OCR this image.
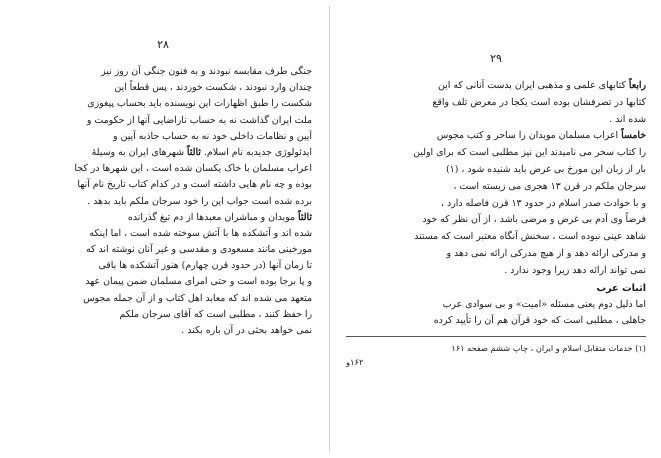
۲۸
جنگی طرف مقابسه نبودند و به فنون جنگی آن روز نیز
چندان وارد نبودند ، شکست خوردند ، پس قطعاً این
شکست را طبق اظهارات این نویسنده باید بحساب پیغوزی
ملت ایران گذاشت نه به حساب ناراضایی آنها از حکومت و
آیین و نظامات داخلی خود نه به حساب جاذبه آیین و
ایدئولوژی جدیدبه نام اسلام. ثالثاً شهرهای ایران به وسیلهٔ
اعراب مسلمان با خاک یکسان شده است ، این شهرها در کجا
بوده و چه نام هایی داشته است و در کدام کتاب تاریخ نام آنها
برده شده است جواب این را خود سرجان ملکم باید بدهد .
ثالثاً موبدان و مباشران معبدها از دم تیغ گذرانده
شده اند و آتشکده ها با آتش سوخته شده است ، اما اینکه
مورخینی مانند مسعودی و مقدسی و غیر آنان نوشته اند که
تا زمان آنها (در حدود قرن چهارم) هنوز آتشکده ها باقی
و پا برجا بوده است و حتی امرای مسلمان ضمن پیمان عهد
متعهد می شده اند که معابد اهل کتاب و از آن جمله مجوس
را حفظ کنند ، مطلبی است که آقای سرجان ملکم
نمی خواهد بحثی در آن باره بکند .
۲۹
رابعاً کتابهای علمی و مذهبی ایران بدست آنانی که این
کتابها در تصرفشان بوده است یکجا در معرض تلف واقع
شده اند .
خامساً اعراب مسلمان موبدان را ساحر و کتب مجوس
را کتاب سحر می نامیدند این نیز مطلبی است که برای اولین
بار از زبان این مورخ بی غرض باید شنیده شود ، (۱)
سرجان ملکم در قرن ۱۳ هجری می زیسته است ،
و با حوادث صدر اسلام در حدود ۱۳ قرن فاصله دارد ،
فرضاً وی آدم بی غرض و مرضی باشد ، از آن نظر که خود
شاهد عینی نبوده است ، سخنش آنگاه معتبر است که مستند
و مدرکی ارائه دهد و از هیچ مدرکی ارائه نمی دهد و
نمی تواند ارائه دهد زیرا وجود ندارد .
اثبات عرب
اما دلیل دوم یعنی مسئله «امیت» و بی سوادی عرب
جاهلی ، مطلبی است که خود قرآن هم آن را تأیید کرده
(۱) خدمات متقابل اسلام و ایران ، چاپ ششم صفحه ۱۶۱
۱۶۲و
